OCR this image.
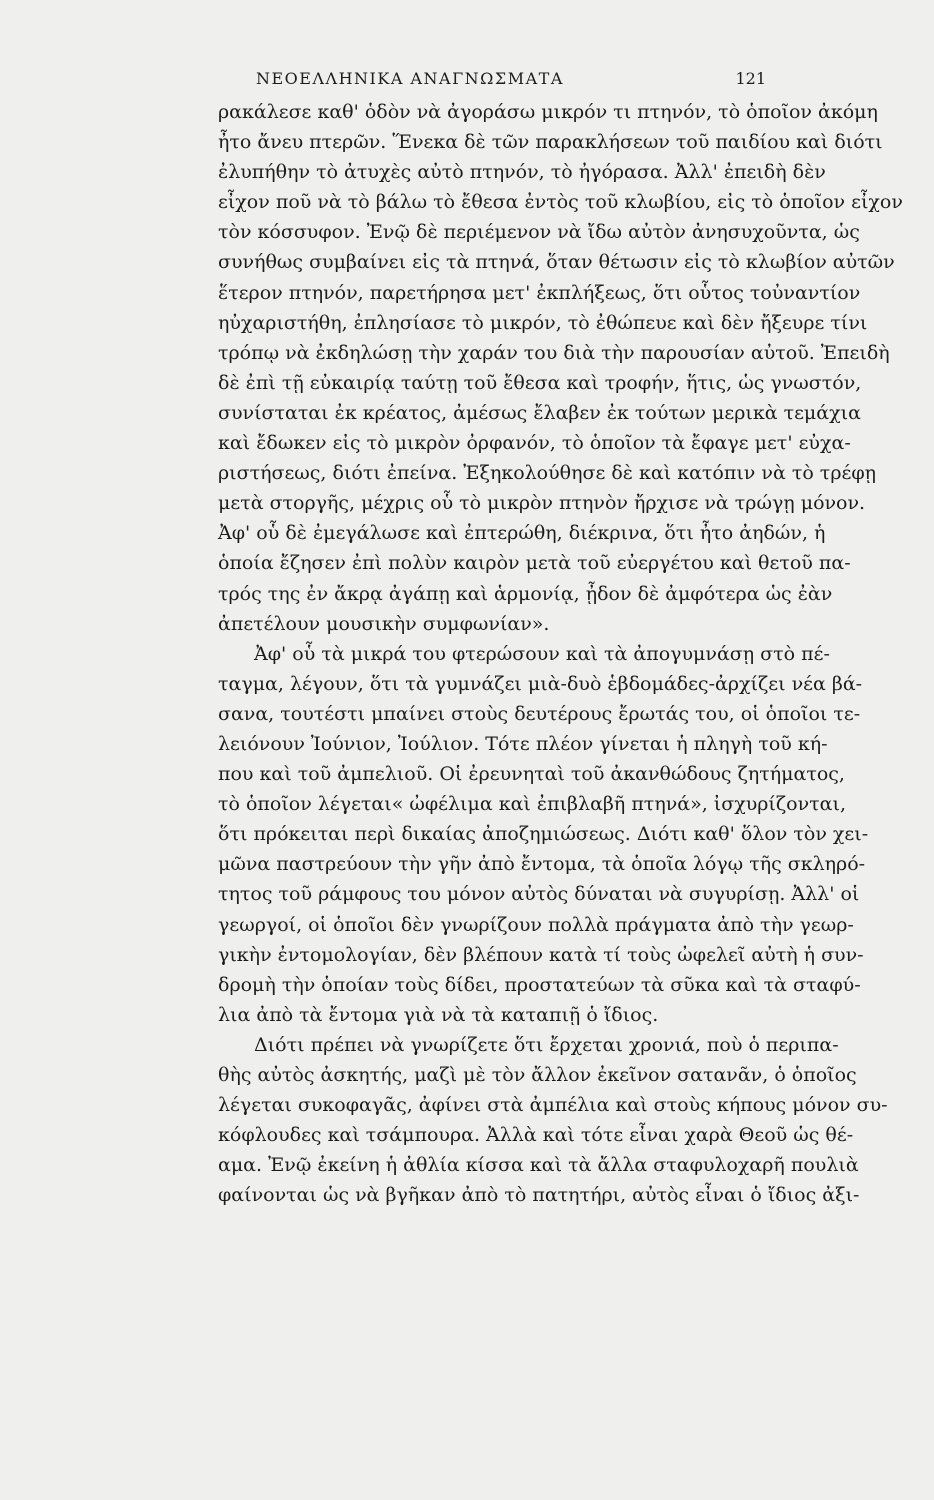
ΝΕΟΕΛΛΗΝΙΚΑ ΑΝΑΓΝΩΣΜΑΤΑ	121
ρακάλεσε καθ' ὁδὸν νὰ ἀγοράσω μικρόν τι πτηνόν, τὸ ὁποῖον ἀκόμη
ἦτο ἄνευ πτερῶν. Ἕνεκα δὲ τῶν παρακλήσεων τοῦ παιδίου καὶ διότι
ἐλυπήθην τὸ ἀτυχὲς αὐτὸ πτηνόν, τὸ ἠγόρασα. Ἀλλ' ἐπειδὴ δὲν
εἶχον ποῦ νὰ τὸ βάλω τὸ ἔθεσα ἐντὸς τοῦ κλωβίου, εἰς τὸ ὁποῖον εἶχον
τὸν κόσσυφον. Ἐνῷ δὲ περιέμενον νὰ ἴδω αὐτὸν ἀνησυχοῦντα, ὡς
συνήθως συμβαίνει εἰς τὰ πτηνά, ὅταν θέτωσιν εἰς τὸ κλωβίον αὐτῶν
ἕτερον πτηνόν, παρετήρησα μετ' ἐκπλήξεως, ὅτι οὗτος τοὐναντίον
ηὐχαριστήθη, ἐπλησίασε τὸ μικρόν, τὸ ἐθώπευε καὶ δὲν ἤξευρε τίνι
τρόπῳ νὰ ἐκδηλώσῃ τὴν χαράν του διὰ τὴν παρουσίαν αὐτοῦ. Ἐπειδὴ
δὲ ἐπὶ τῇ εὐκαιρίᾳ ταύτῃ τοῦ ἔθεσα καὶ τροφήν, ἥτις, ὡς γνωστόν,
συνίσταται ἐκ κρέατος, ἀμέσως ἔλαβεν ἐκ τούτων μερικὰ τεμάχια
καὶ ἔδωκεν εἰς τὸ μικρὸν ὀρφανόν, τὸ ὁποῖον τὰ ἔφαγε μετ' εὐχα-
ριστήσεως, διότι ἐπείνα. Ἐξηκολούθησε δὲ καὶ κατόπιν νὰ τὸ τρέφῃ
μετὰ στοργῆς, μέχρις οὗ τὸ μικρὸν πτηνὸν ἤρχισε νὰ τρώγῃ μόνον.
Ἀφ' οὗ δὲ ἐμεγάλωσε καὶ ἐπτερώθη, διέκρινα, ὅτι ἦτο ἀηδών, ἡ
ὁποία ἔζησεν ἐπὶ πολὺν καιρὸν μετὰ τοῦ εὐεργέτου καὶ θετοῦ πα-
τρός της ἐν ἄκρᾳ ἀγάπῃ καὶ ἁρμονίᾳ, ᾖδον δὲ ἀμφότερα ὡς ἐὰν
ἀπετέλουν μουσικὴν συμφωνίαν».
Ἀφ' οὗ τὰ μικρά του φτερώσουν καὶ τὰ ἀπογυμνάσῃ στὸ πέ-
ταγμα, λέγουν, ὅτι τὰ γυμνάζει μιὰ-δυὸ ἑβδομάδες-ἀρχίζει νέα βά-
σανα, τουτέστι μπαίνει στοὺς δευτέρους ἔρωτάς του, οἱ ὁποῖοι τε-
λειόνουν Ἰούνιον, Ἰούλιον. Τότε πλέον γίνεται ἡ πληγὴ τοῦ κή-
που καὶ τοῦ ἀμπελιοῦ. Οἱ ἐρευνηταὶ τοῦ ἀκανθώδους ζητήματος,
τὸ ὁποῖον λέγεται« ὠφέλιμα καὶ ἐπιβλαβῆ πτηνά», ἰσχυρίζονται,
ὅτι πρόκειται περὶ δικαίας ἀποζημιώσεως. Διότι καθ' ὅλον τὸν χει-
μῶνα παστρεύουν τὴν γῆν ἀπὸ ἔντομα, τὰ ὁποῖα λόγῳ τῆς σκληρό-
τητος τοῦ ράμφους του μόνον αὐτὸς δύναται νὰ συγυρίσῃ. Ἀλλ' οἱ
γεωργοί, οἱ ὁποῖοι δὲν γνωρίζουν πολλὰ πράγματα ἀπὸ τὴν γεωρ-
γικὴν ἐντομολογίαν, δὲν βλέπουν κατὰ τί τοὺς ὠφελεῖ αὐτὴ ἡ συν-
δρομὴ τὴν ὁποίαν τοὺς δίδει, προστατεύων τὰ σῦκα καὶ τὰ σταφύ-
λια ἀπὸ τὰ ἔντομα γιὰ νὰ τὰ καταπιῇ ὁ ἴδιος.
Διότι πρέπει νὰ γνωρίζετε ὅτι ἔρχεται χρονιά, ποὺ ὁ περιπα-
θὴς αὐτὸς ἀσκητής, μαζὶ μὲ τὸν ἄλλον ἐκεῖνον σατανᾶν, ὁ ὁποῖος
λέγεται συκοφαγᾶς, ἀφίνει στὰ ἀμπέλια καὶ στοὺς κήπους μόνον συ-
κόφλουδες καὶ τσάμπουρα. Ἀλλὰ καὶ τότε εἶναι χαρὰ Θεοῦ ὡς θέ-
αμα. Ἐνῷ ἐκείνη ἡ ἀθλία κίσσα καὶ τὰ ἄλλα σταφυλοχαρῆ πουλιὰ
φαίνονται ὡς νὰ βγῆκαν ἀπὸ τὸ πατητήρι, αὐτὸς εἶναι ὁ ἴδιος ἀξι-
